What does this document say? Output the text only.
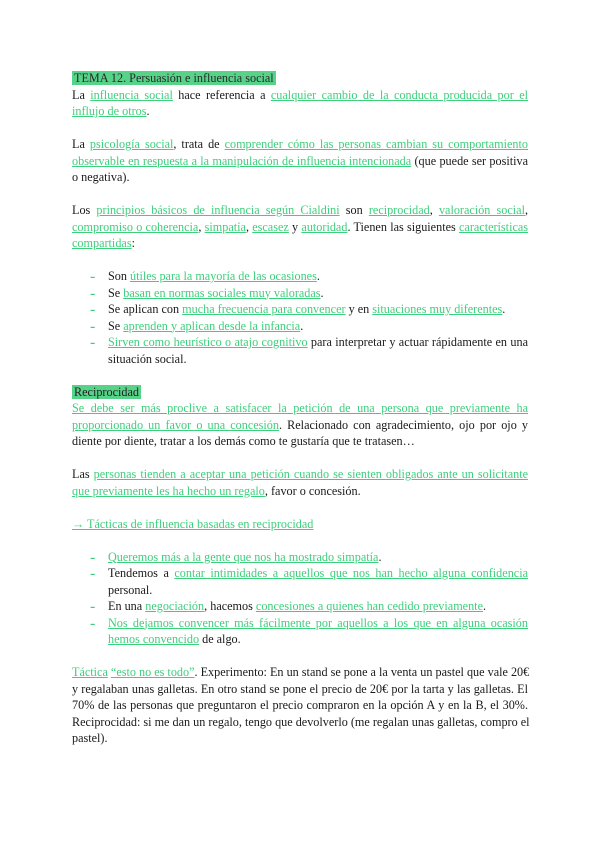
TEMA 12. Persuasión e influencia social
La influencia social hace referencia a cualquier cambio de la conducta producida por el
influjo de otros.
La psicología social, trata de comprender cómo las personas cambian su comportamiento
observable en respuesta a la manipulación de influencia intencionada (que puede ser positiva
o negativa).
Los principios básicos de influencia según Cialdini son reciprocidad, valoración social,
compromiso o coherencia, simpatía, escasez y autoridad. Tienen las siguientes características
compartidas:
- Son útiles para la mayoría de las ocasiones.
- Se basan en normas sociales muy valoradas.
- Se aplican con mucha frecuencia para convencer y en situaciones muy diferentes.
- Se aprenden y aplican desde la infancia.
- Sirven como heurístico o atajo cognitivo para interpretar y actuar rápidamente en una
situación social.
Reciprocidad
Se debe ser más proclive a satisfacer la petición de una persona que previamente ha
proporcionado un favor o una concesión. Relacionado con agradecimiento, ojo por ojo y
diente por diente, tratar a los demás como te gustaría que te tratasen…
Las personas tienden a aceptar una petición cuando se sienten obligados ante un solicitante
que previamente les ha hecho un regalo, favor o concesión.
→ Tácticas de influencia basadas en reciprocidad
- Queremos más a la gente que nos ha mostrado simpatía.
- Tendemos a contar intimidades a aquellos que nos han hecho alguna confidencia
personal.
- En una negociación, hacemos concesiones a quienes han cedido previamente.
- Nos dejamos convencer más fácilmente por aquellos a los que en alguna ocasión
hemos convencido de algo.
Táctica “esto no es todo”. Experimento: En un stand se pone a la venta un pastel que vale 20€
y regalaban unas galletas. En otro stand se pone el precio de 20€ por la tarta y las galletas. El
70% de las personas que preguntaron el precio compraron en la opción A y en la B, el 30%.
Reciprocidad: si me dan un regalo, tengo que devolverlo (me regalan unas galletas, compro el
pastel).
